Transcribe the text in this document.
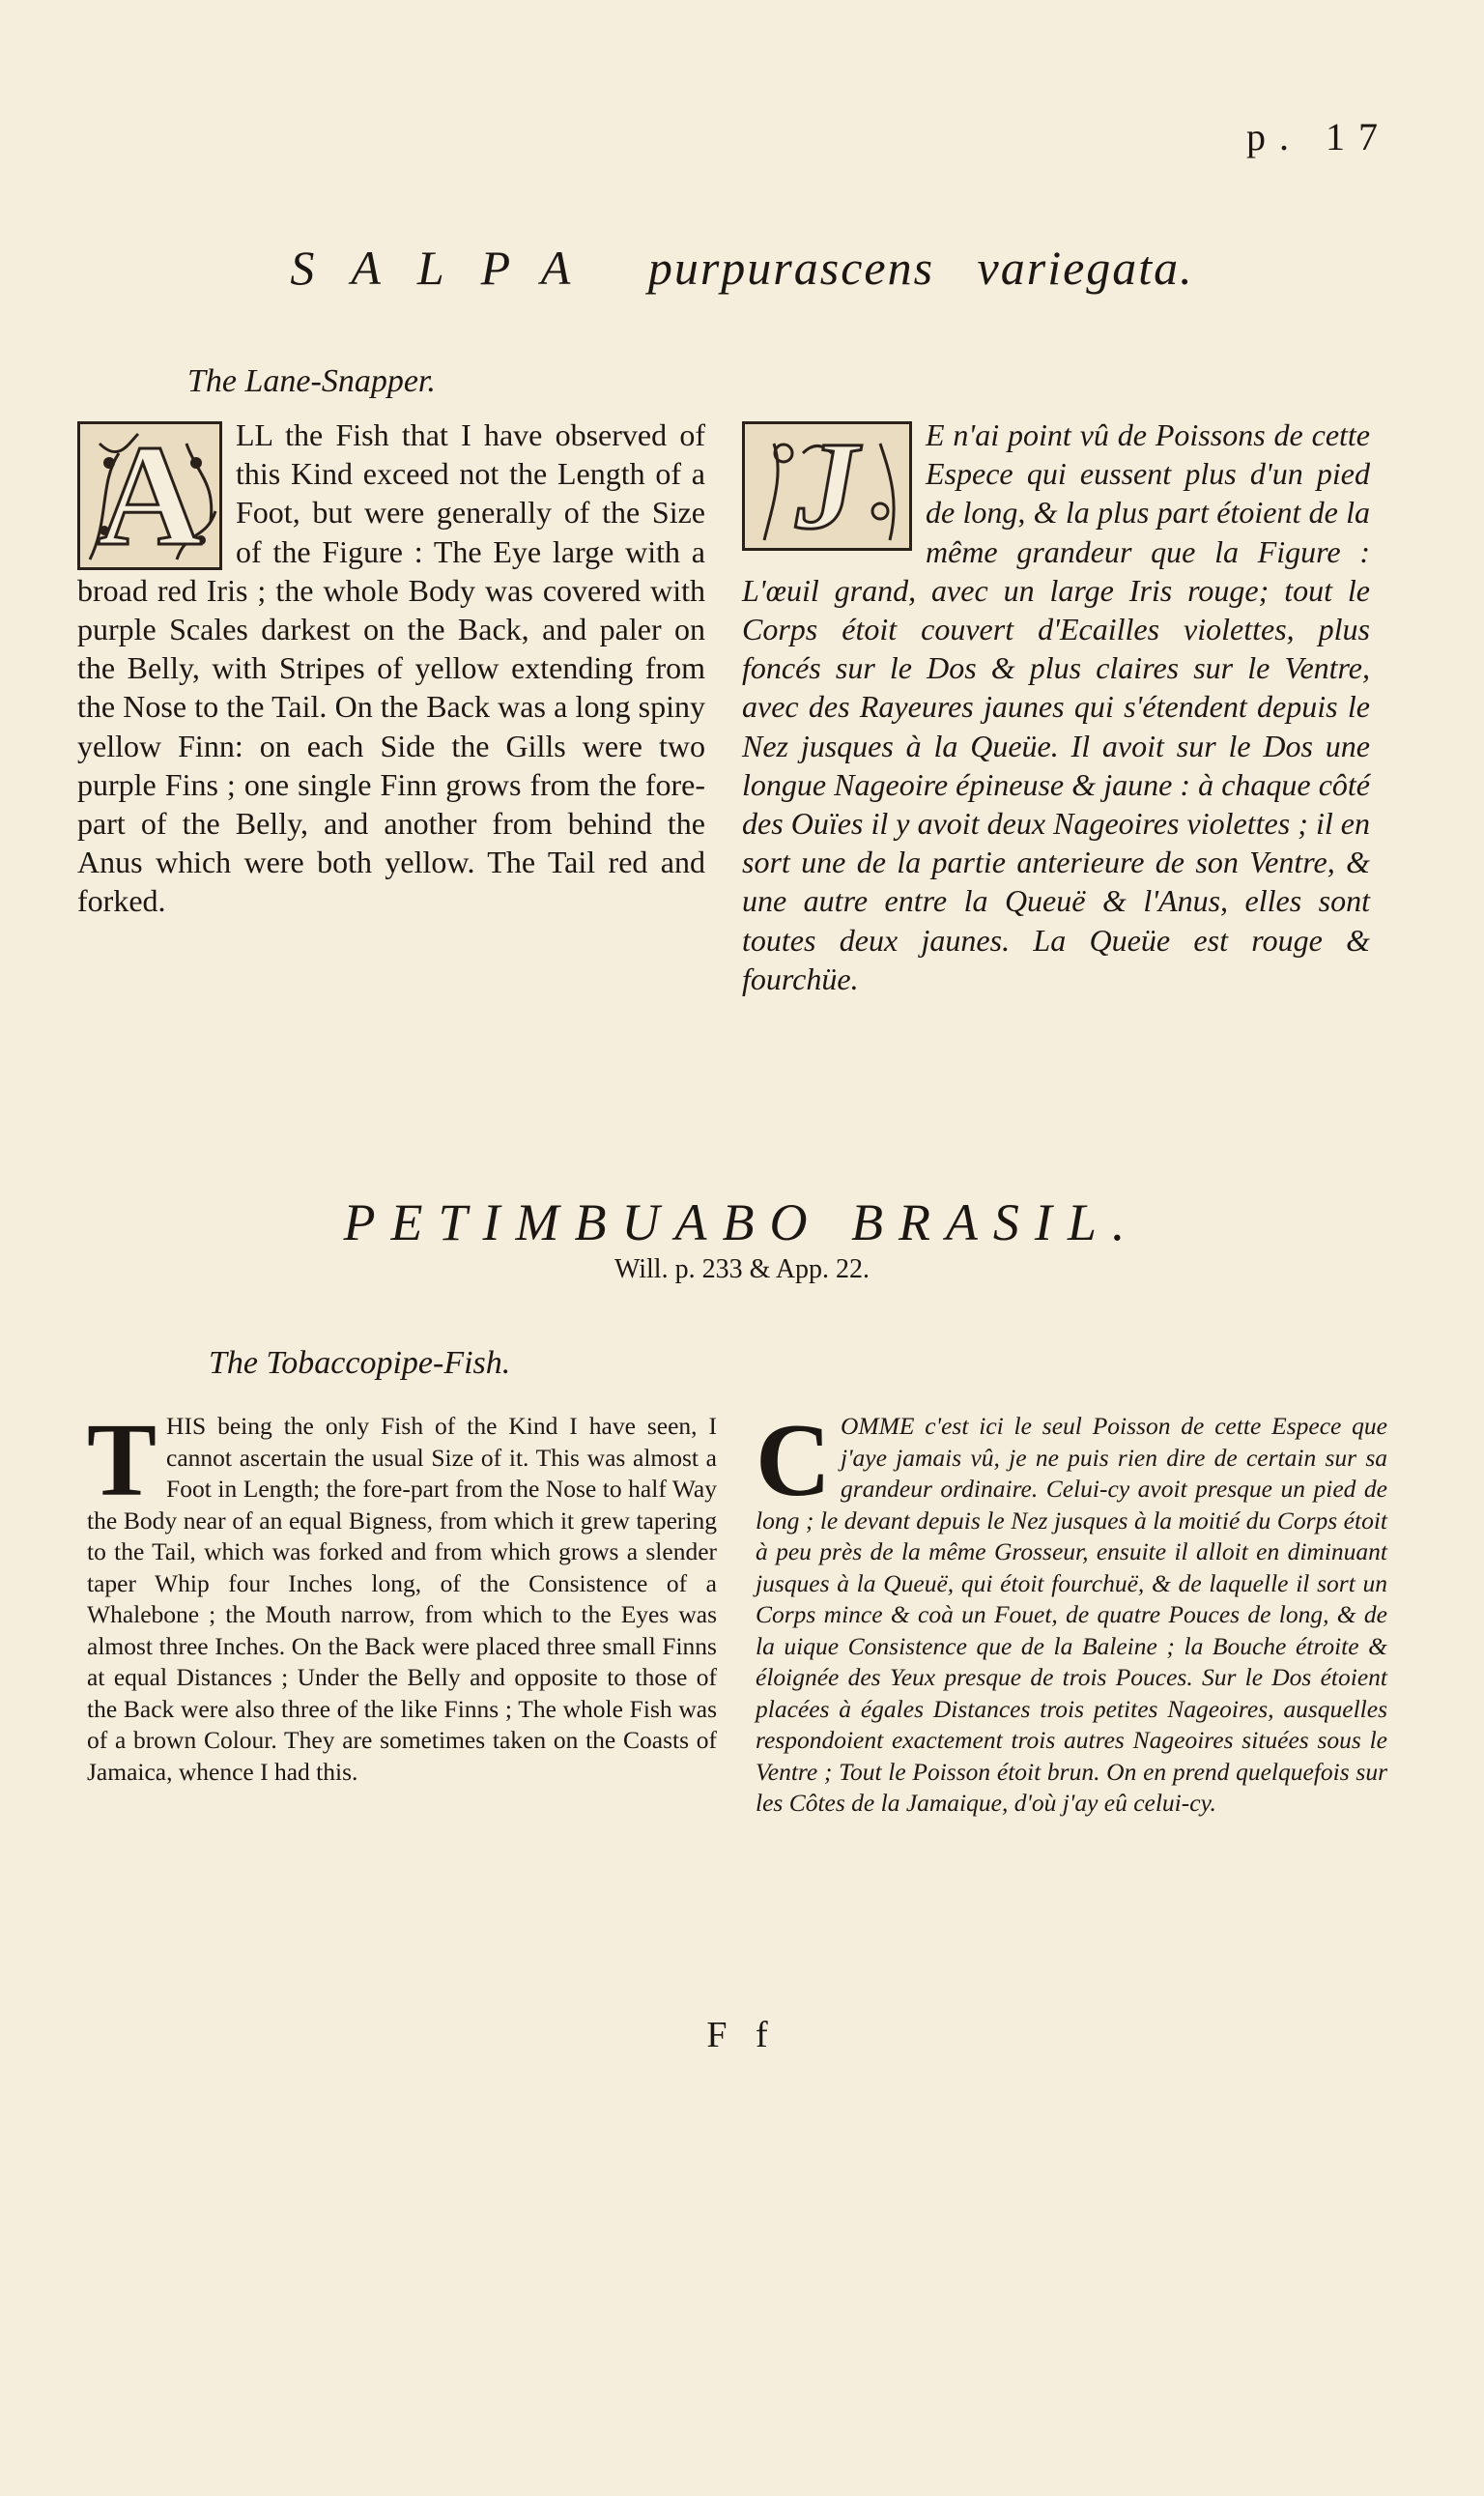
p. 17
SALPA purpurascens variegata.
The Lane-Snapper.
A	LL the Fish that I have observed of this Kind exceed not the Length of a Foot, but were generally of the Size of the Figure : The Eye large with a broad red Iris ; the whole Body was covered with purple Scales darkest on the Back, and paler on the Belly, with Stripes of yellow extending from the Nose to the Tail. On the Back was a long spiny yellow Finn: on each Side the Gills were two purple Fins ; one single Finn grows from the fore-part of the Belly, and another from behind the Anus which were both yellow. The Tail red and forked.

J	E n'ai point vû de Poissons de cette Espece qui eussent plus d'un pied de long, & la plus part étoient de la même grandeur que la Figure : L'œuil grand, avec un large Iris rouge; tout le Corps étoit couvert d'Ecailles violettes, plus foncés sur le Dos & plus claires sur le Ventre, avec des Rayeures jaunes qui s'étendent depuis le Nez jusques à la Queüe. Il avoit sur le Dos une longue Nageoire épineuse & jaune : à chaque côté des Ouïes il y avoit deux Nageoires violettes ; il en sort une de la partie anterieure de son Ventre, & une autre entre la Queuë & l'Anus, elles sont toutes deux jaunes. La Queüe est rouge & fourchüe.

PETIMBUABO BRASIL.
Will. p. 233 & App. 22.
The Tobaccopipe-Fish.
T HIS being the only Fish of the Kind I have seen, I cannot ascertain the usual Size of it. This was almost a Foot in Length; the fore-part from the Nose to half Way the Body near of an equal Bigness, from which it grew tapering to the Tail, which was forked and from which grows a slender taper Whip four Inches long, of the Consistence of a Whalebone ; the Mouth narrow, from which to the Eyes was almost three Inches. On the Back were placed three small Finns at equal Distances ; Under the Belly and opposite to those of the Back were also three of the like Finns ; The whole Fish was of a brown Colour. They are sometimes taken on the Coasts of Jamaica, whence I had this.

C OMME c'est ici le seul Poisson de cette Espece que j'aye jamais vû, je ne puis rien dire de certain sur sa grandeur ordinaire. Celui-cy avoit presque un pied de long ; le devant depuis le Nez jusques à la moitié du Corps étoit à peu près de la même Grosseur, ensuite il alloit en diminuant jusques à la Queuë, qui étoit fourchuë, & de laquelle il sort un Corps mince & coà un Fouet, de quatre Pouces de long, & de la uique Consistence que de la Baleine ; la Bouche étroite & éloignée des Yeux presque de trois Pouces. Sur le Dos étoient placées à égales Distances trois petites Nageoires, ausquelles respondoient exactement trois autres Nageoires situées sous le Ventre ; Tout le Poisson étoit brun. On en prend quelquefois sur les Côtes de la Jamaique, d'où j'ay eû celui-cy.

F f
